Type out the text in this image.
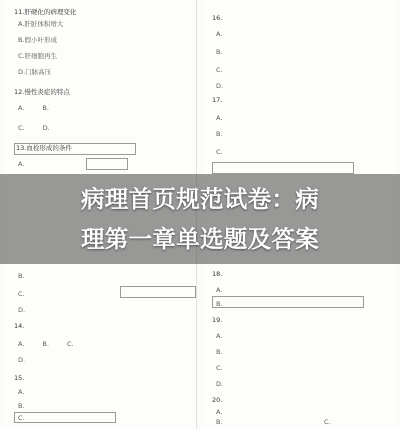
11.肝硬化的病理变化
A.肝脏体积增大
B.假小叶形成
C.肝细胞再生
D.门脉高压
12.慢性炎症的特点
A.	B.
C.	D.
13.血栓形成的条件
A.
B.
C.
D.
14.
A.	B.	C.
D.
15.
A.
B.
C.
16.
A.
B.
C.
D.
17.
A.
B.
C.
18.
A.
B.
19.
A.
B.
C.
D.
20.
A.
B.	C.
病理首页规范试卷：病
理第一章单选题及答案
